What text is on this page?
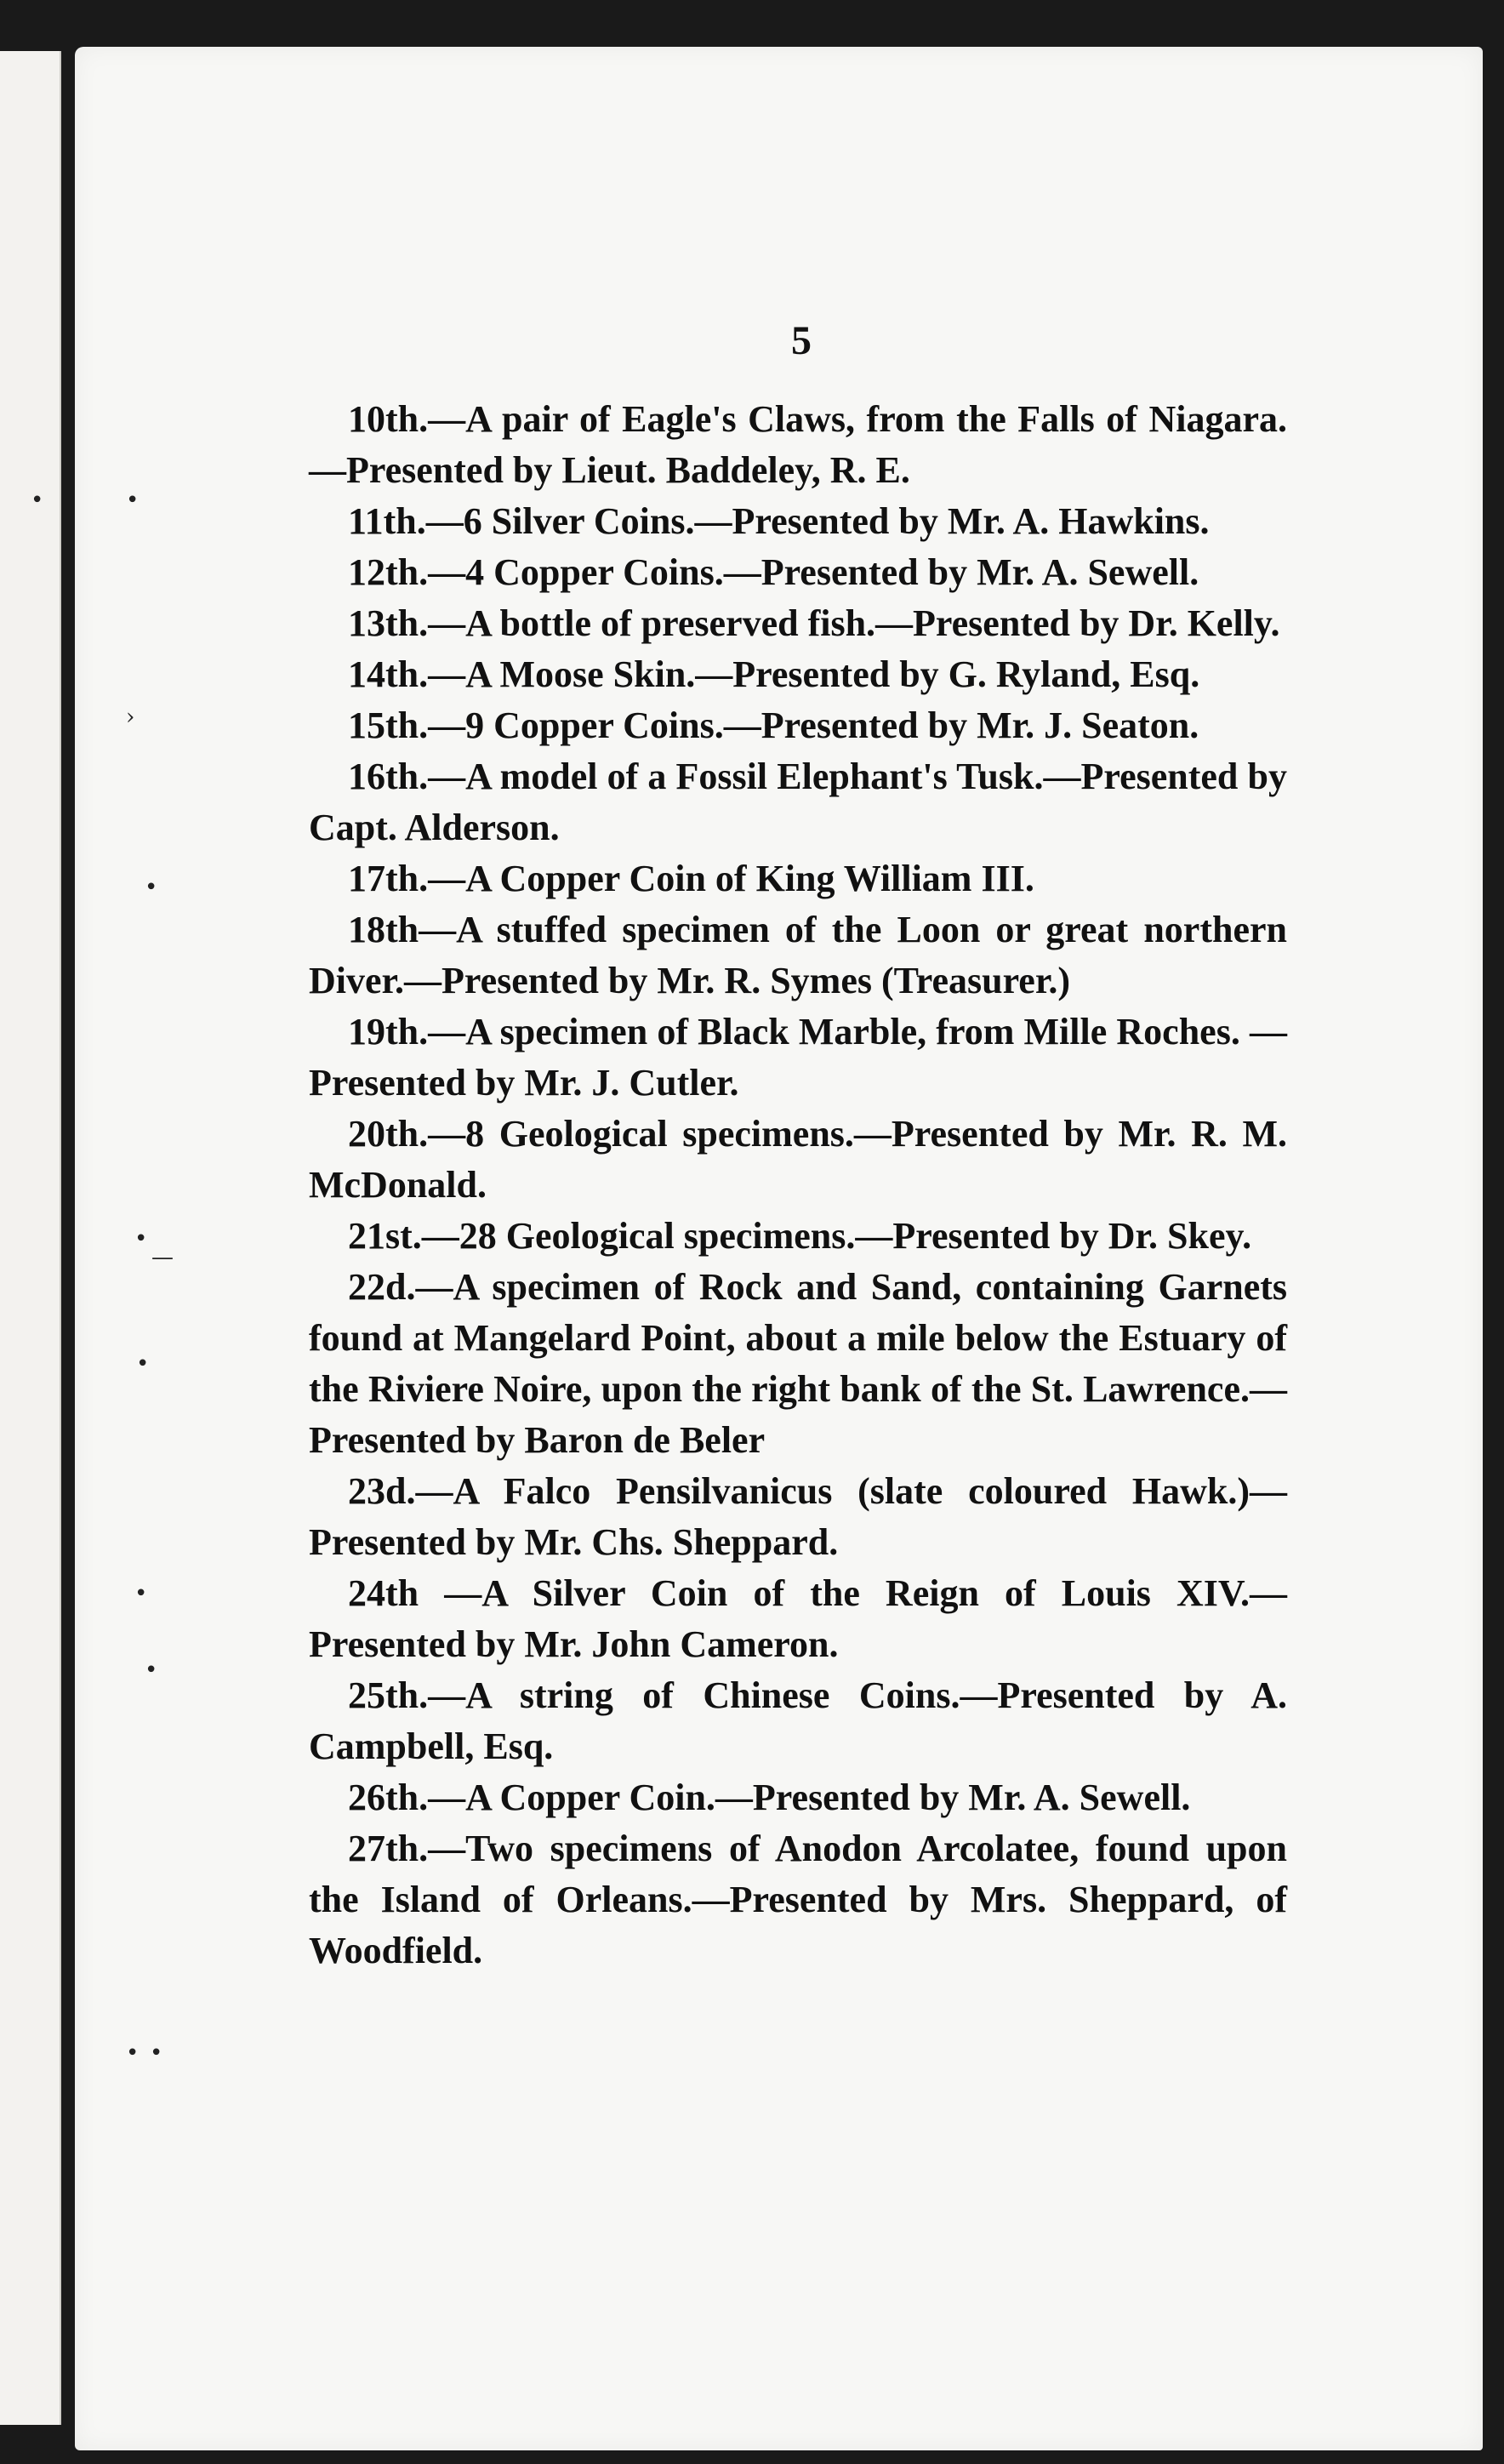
•	•
›
•
•
—
•
•
•
• •
5

10th.—A pair of Eagle's Claws, from the Falls of Niagara.—Presented by Lieut. Baddeley, R. E.

11th.—6 Silver Coins.—Presented by Mr. A. Hawkins.

12th.—4 Copper Coins.—Presented by Mr. A. Sewell.

13th.—A bottle of preserved fish.—Presented by Dr. Kelly.

14th.—A Moose Skin.—Presented by G. Ryland, Esq.

15th.—9 Copper Coins.—Presented by Mr. J. Seaton.

16th.—A model of a Fossil Elephant's Tusk.—Presented by Capt. Alderson.

17th.—A Copper Coin of King William III.

18th—A stuffed specimen of the Loon or great northern Diver.—Presented by Mr. R. Symes (Treasurer.)

19th.—A specimen of Black Marble, from Mille Roches. —Presented by Mr. J. Cutler.

20th.—8 Geological specimens.—Presented by Mr. R. M. McDonald.

21st.—28 Geological specimens.—Presented by Dr. Skey.

22d.—A specimen of Rock and Sand, containing Garnets found at Mangelard Point, about a mile below the Estuary of the Riviere Noire, upon the right bank of the St. Lawrence.—Presented by Baron de Beler

23d.—A Falco Pensilvanicus (slate coloured Hawk.)—Presented by Mr. Chs. Sheppard.

24th —A Silver Coin of the Reign of Louis XIV.—Presented by Mr. John Cameron.

25th.—A string of Chinese Coins.—Presented by A. Campbell, Esq.

26th.—A Copper Coin.—Presented by Mr. A. Sewell.

27th.—Two specimens of Anodon Arcolatee, found upon the Island of Orleans.—Presented by Mrs. Sheppard, of Woodfield.
